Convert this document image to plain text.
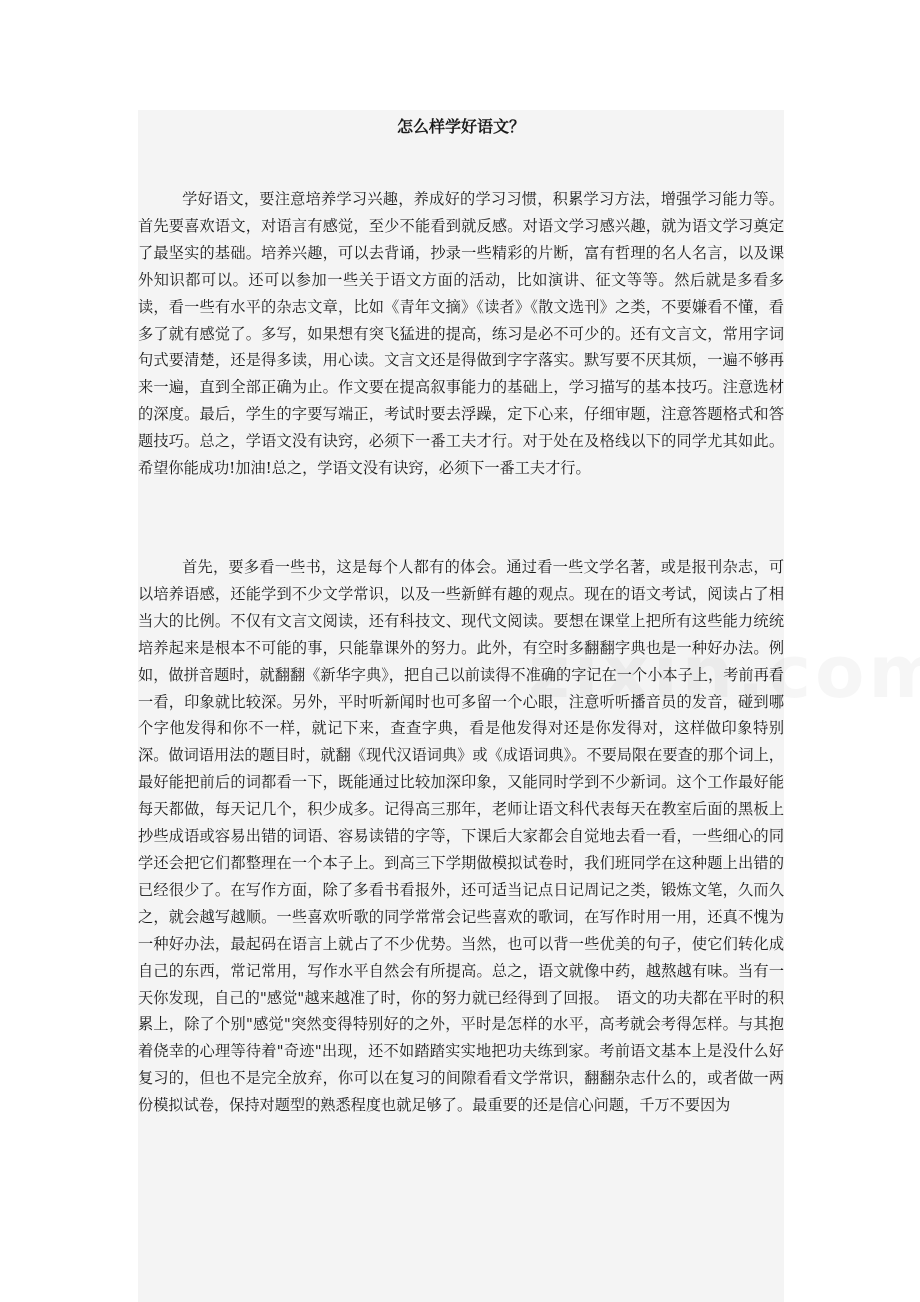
怎么样学好语文？

学好语文，要注意培养学习兴趣，养成好的学习习惯，积累学习方法，增强学习能力等。首先要喜欢语文，对语言有感觉，至少不能看到就反感。对语文学习感兴趣，就为语文学习奠定了最坚实的基础。培养兴趣，可以去背诵，抄录一些精彩的片断，富有哲理的名人名言，以及课外知识都可以。还可以参加一些关于语文方面的活动，比如演讲、征文等等。然后就是多看多读，看一些有水平的杂志文章，比如《青年文摘》《读者》《散文选刊》之类，不要嫌看不懂，看多了就有感觉了。多写，如果想有突飞猛进的提高，练习是必不可少的。还有文言文，常用字词句式要清楚，还是得多读，用心读。文言文还是得做到字字落实。默写要不厌其烦，一遍不够再来一遍，直到全部正确为止。作文要在提高叙事能力的基础上，学习描写的基本技巧。注意选材的深度。最后，学生的字要写端正，考试时要去浮躁，定下心来，仔细审题，注意答题格式和答题技巧。总之，学语文没有诀窍，必须下一番工夫才行。对于处在及格线以下的同学尤其如此。希望你能成功!加油!总之，学语文没有诀窍，必须下一番工夫才行。

首先，要多看一些书，这是每个人都有的体会。通过看一些文学名著，或是报刊杂志，可以培养语感，还能学到不少文学常识，以及一些新鲜有趣的观点。现在的语文考试，阅读占了相当大的比例。不仅有文言文阅读，还有科技文、现代文阅读。要想在课堂上把所有这些能力统统培养起来是根本不可能的事，只能靠课外的努力。此外，有空时多翻翻字典也是一种好办法。例如，做拼音题时，就翻翻《新华字典》，把自己以前读得不准确的字记在一个小本子上，考前再看一看，印象就比较深。另外，平时听新闻时也可多留一个心眼，注意听听播音员的发音，碰到哪个字他发得和你不一样，就记下来，查查字典，看是他发得对还是你发得对，这样做印象特别深。做词语用法的题目时，就翻《现代汉语词典》或《成语词典》。不要局限在要查的那个词上，最好能把前后的词都看一下，既能通过比较加深印象，又能同时学到不少新词。这个工作最好能每天都做，每天记几个，积少成多。记得高三那年，老师让语文科代表每天在教室后面的黑板上抄些成语或容易出错的词语、容易读错的字等，下课后大家都会自觉地去看一看，一些细心的同学还会把它们都整理在一个本子上。到高三下学期做模拟试卷时，我们班同学在这种题上出错的已经很少了。在写作方面，除了多看书看报外，还可适当记点日记周记之类，锻炼文笔，久而久之，就会越写越顺。一些喜欢听歌的同学常常会记些喜欢的歌词，在写作时用一用，还真不愧为一种好办法，最起码在语言上就占了不少优势。当然，也可以背一些优美的句子，使它们转化成自己的东西，常记常用，写作水平自然会有所提高。总之，语文就像中药，越熬越有味。当有一天你发现，自己的"感觉"越来越准了时，你的努力就已经得到了回报。　语文的功夫都在平时的积累上，除了个别"感觉"突然变得特别好的之外，平时是怎样的水平，高考就会考得怎样。与其抱着侥幸的心理等待着"奇迹"出现，还不如踏踏实实地把功夫练到家。考前语文基本上是没什么好复习的，但也不是完全放弃，你可以在复习的间隙看看文学常识，翻翻杂志什么的，或者做一两份模拟试卷，保持对题型的熟悉程度也就足够了。最重要的还是信心问题，千万不要因为
